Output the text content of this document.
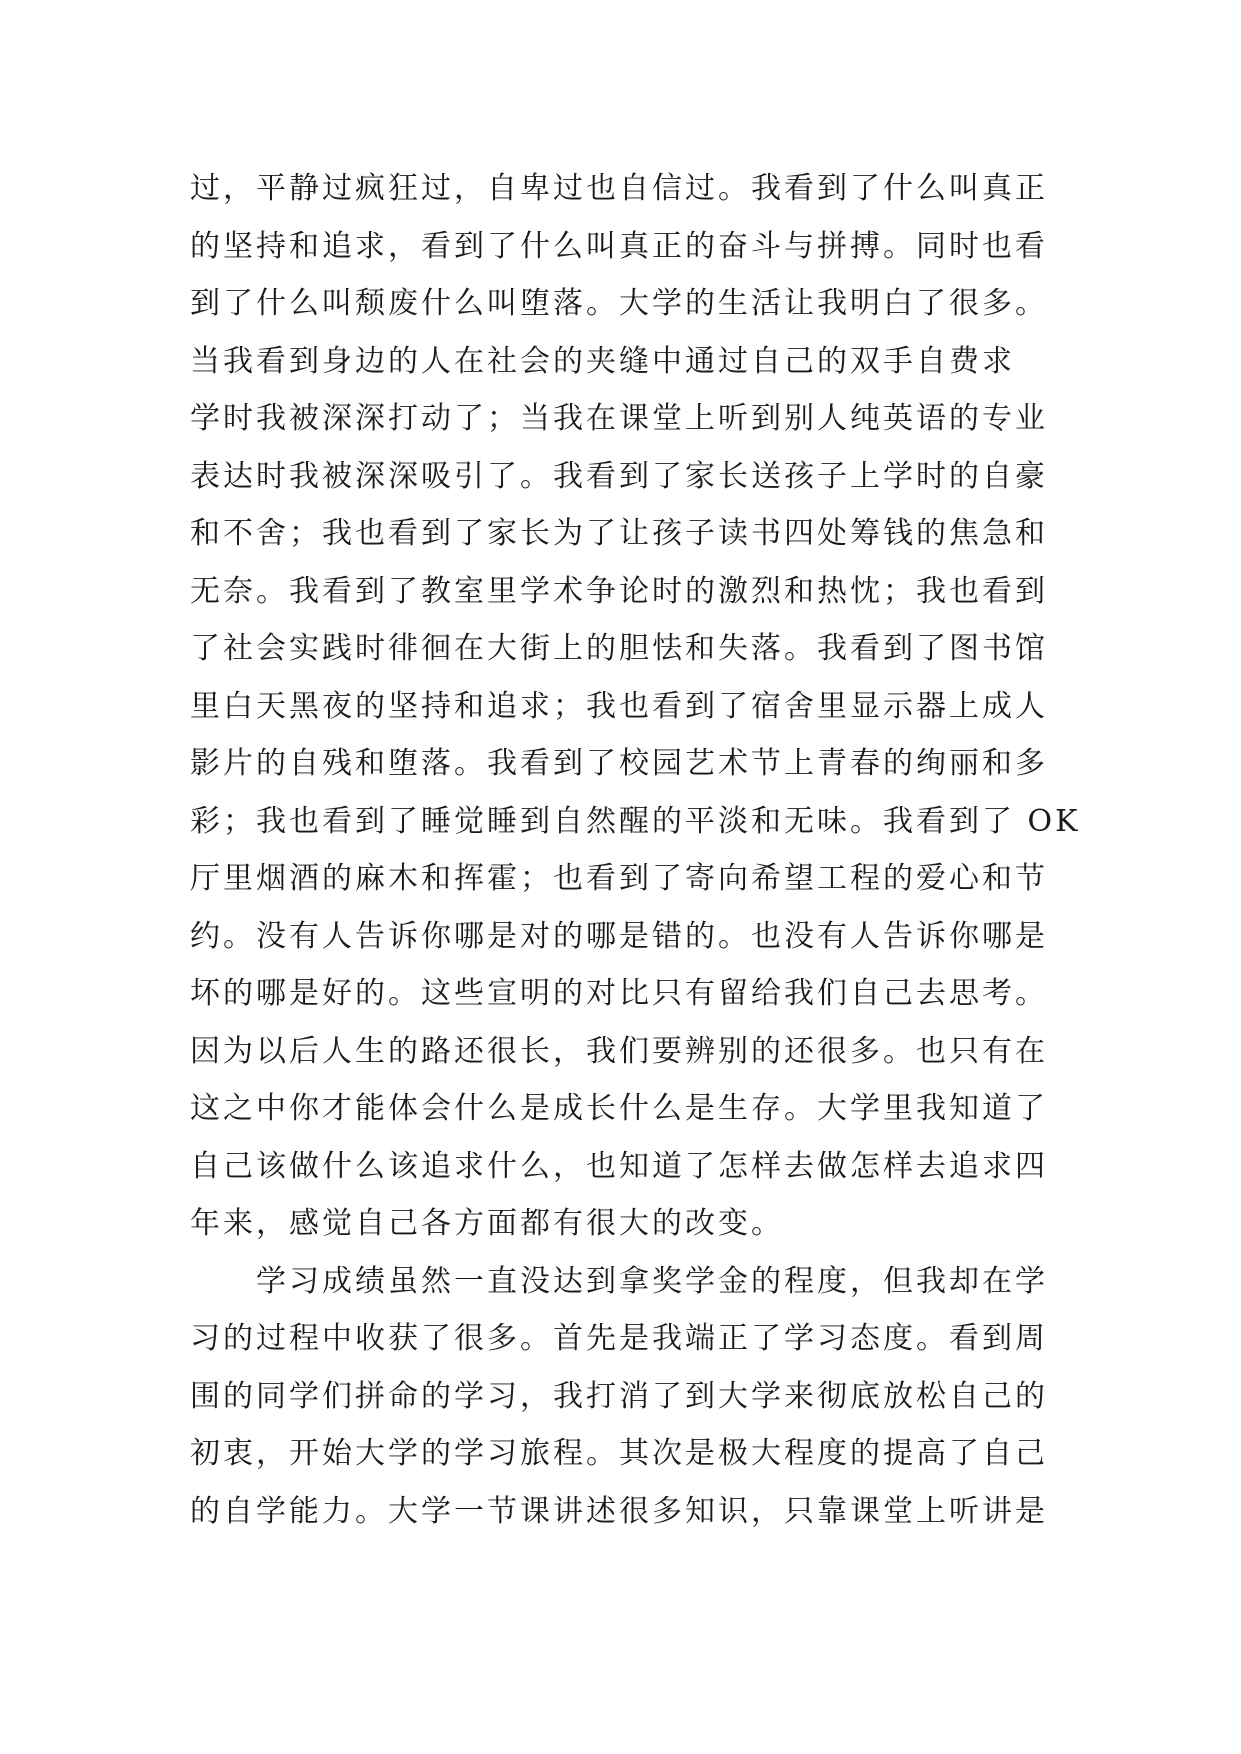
过，平静过疯狂过，自卑过也自信过。我看到了什么叫真正
的坚持和追求，看到了什么叫真正的奋斗与拼搏。同时也看
到了什么叫颓废什么叫堕落。大学的生活让我明白了很多。
当我看到身边的人在社会的夹缝中通过自己的双手自费求
学时我被深深打动了；当我在课堂上听到别人纯英语的专业
表达时我被深深吸引了。我看到了家长送孩子上学时的自豪
和不舍；我也看到了家长为了让孩子读书四处筹钱的焦急和
无奈。我看到了教室里学术争论时的激烈和热忱；我也看到
了社会实践时徘徊在大街上的胆怯和失落。我看到了图书馆
里白天黑夜的坚持和追求；我也看到了宿舍里显示器上成人
影片的自残和堕落。我看到了校园艺术节上青春的绚丽和多
彩；我也看到了睡觉睡到自然醒的平淡和无味。我看到了 OK
厅里烟酒的麻木和挥霍；也看到了寄向希望工程的爱心和节
约。没有人告诉你哪是对的哪是错的。也没有人告诉你哪是
坏的哪是好的。这些宣明的对比只有留给我们自己去思考。
因为以后人生的路还很长，我们要辨别的还很多。也只有在
这之中你才能体会什么是成长什么是生存。大学里我知道了
自己该做什么该追求什么，也知道了怎样去做怎样去追求四
年来，感觉自己各方面都有很大的改变。
学习成绩虽然一直没达到拿奖学金的程度，但我却在学
习的过程中收获了很多。首先是我端正了学习态度。看到周
围的同学们拼命的学习，我打消了到大学来彻底放松自己的
初衷，开始大学的学习旅程。其次是极大程度的提高了自己
的自学能力。大学一节课讲述很多知识，只靠课堂上听讲是
